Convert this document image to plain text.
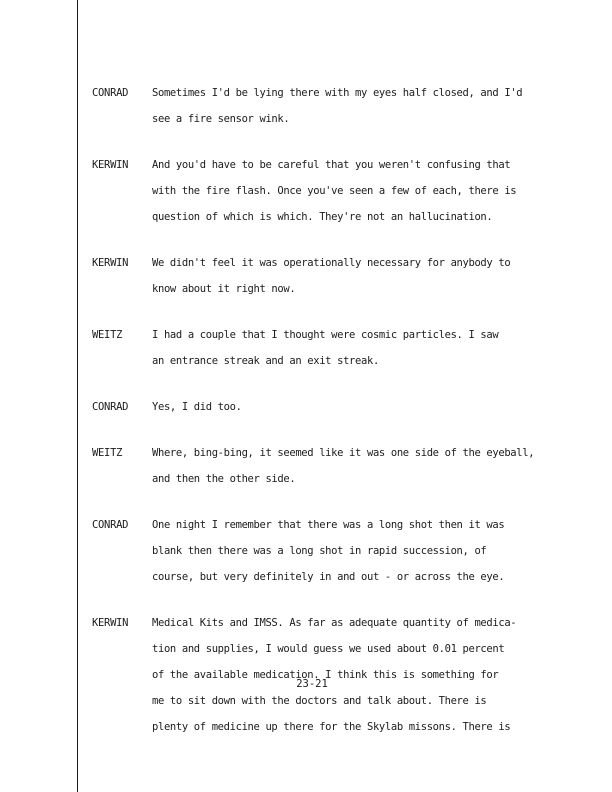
CONRAD	Sometimes I'd be lying there with my eyes half closed, and I'd
see a fire sensor wink.
KERWIN	And you'd have to be careful that you weren't confusing that
with the fire flash. Once you've seen a few of each, there is
question of which is which. They're not an hallucination.
KERWIN	We didn't feel it was operationally necessary for anybody to
know about it right now.
WEITZ	I had a couple that I thought were cosmic particles. I saw
an entrance streak and an exit streak.
CONRAD	Yes, I did too.
WEITZ	Where, bing-bing, it seemed like it was one side of the eyeball,
and then the other side.
CONRAD	One night I remember that there was a long shot then it was
blank then there was a long shot in rapid succession, of
course, but very definitely in and out - or across the eye.
KERWIN	Medical Kits and IMSS. As far as adequate quantity of medica-
tion and supplies, I would guess we used about 0.01 percent
of the available medication. I think this is something for
me to sit down with the doctors and talk about. There is
plenty of medicine up there for the Skylab missons. There is
23-21
